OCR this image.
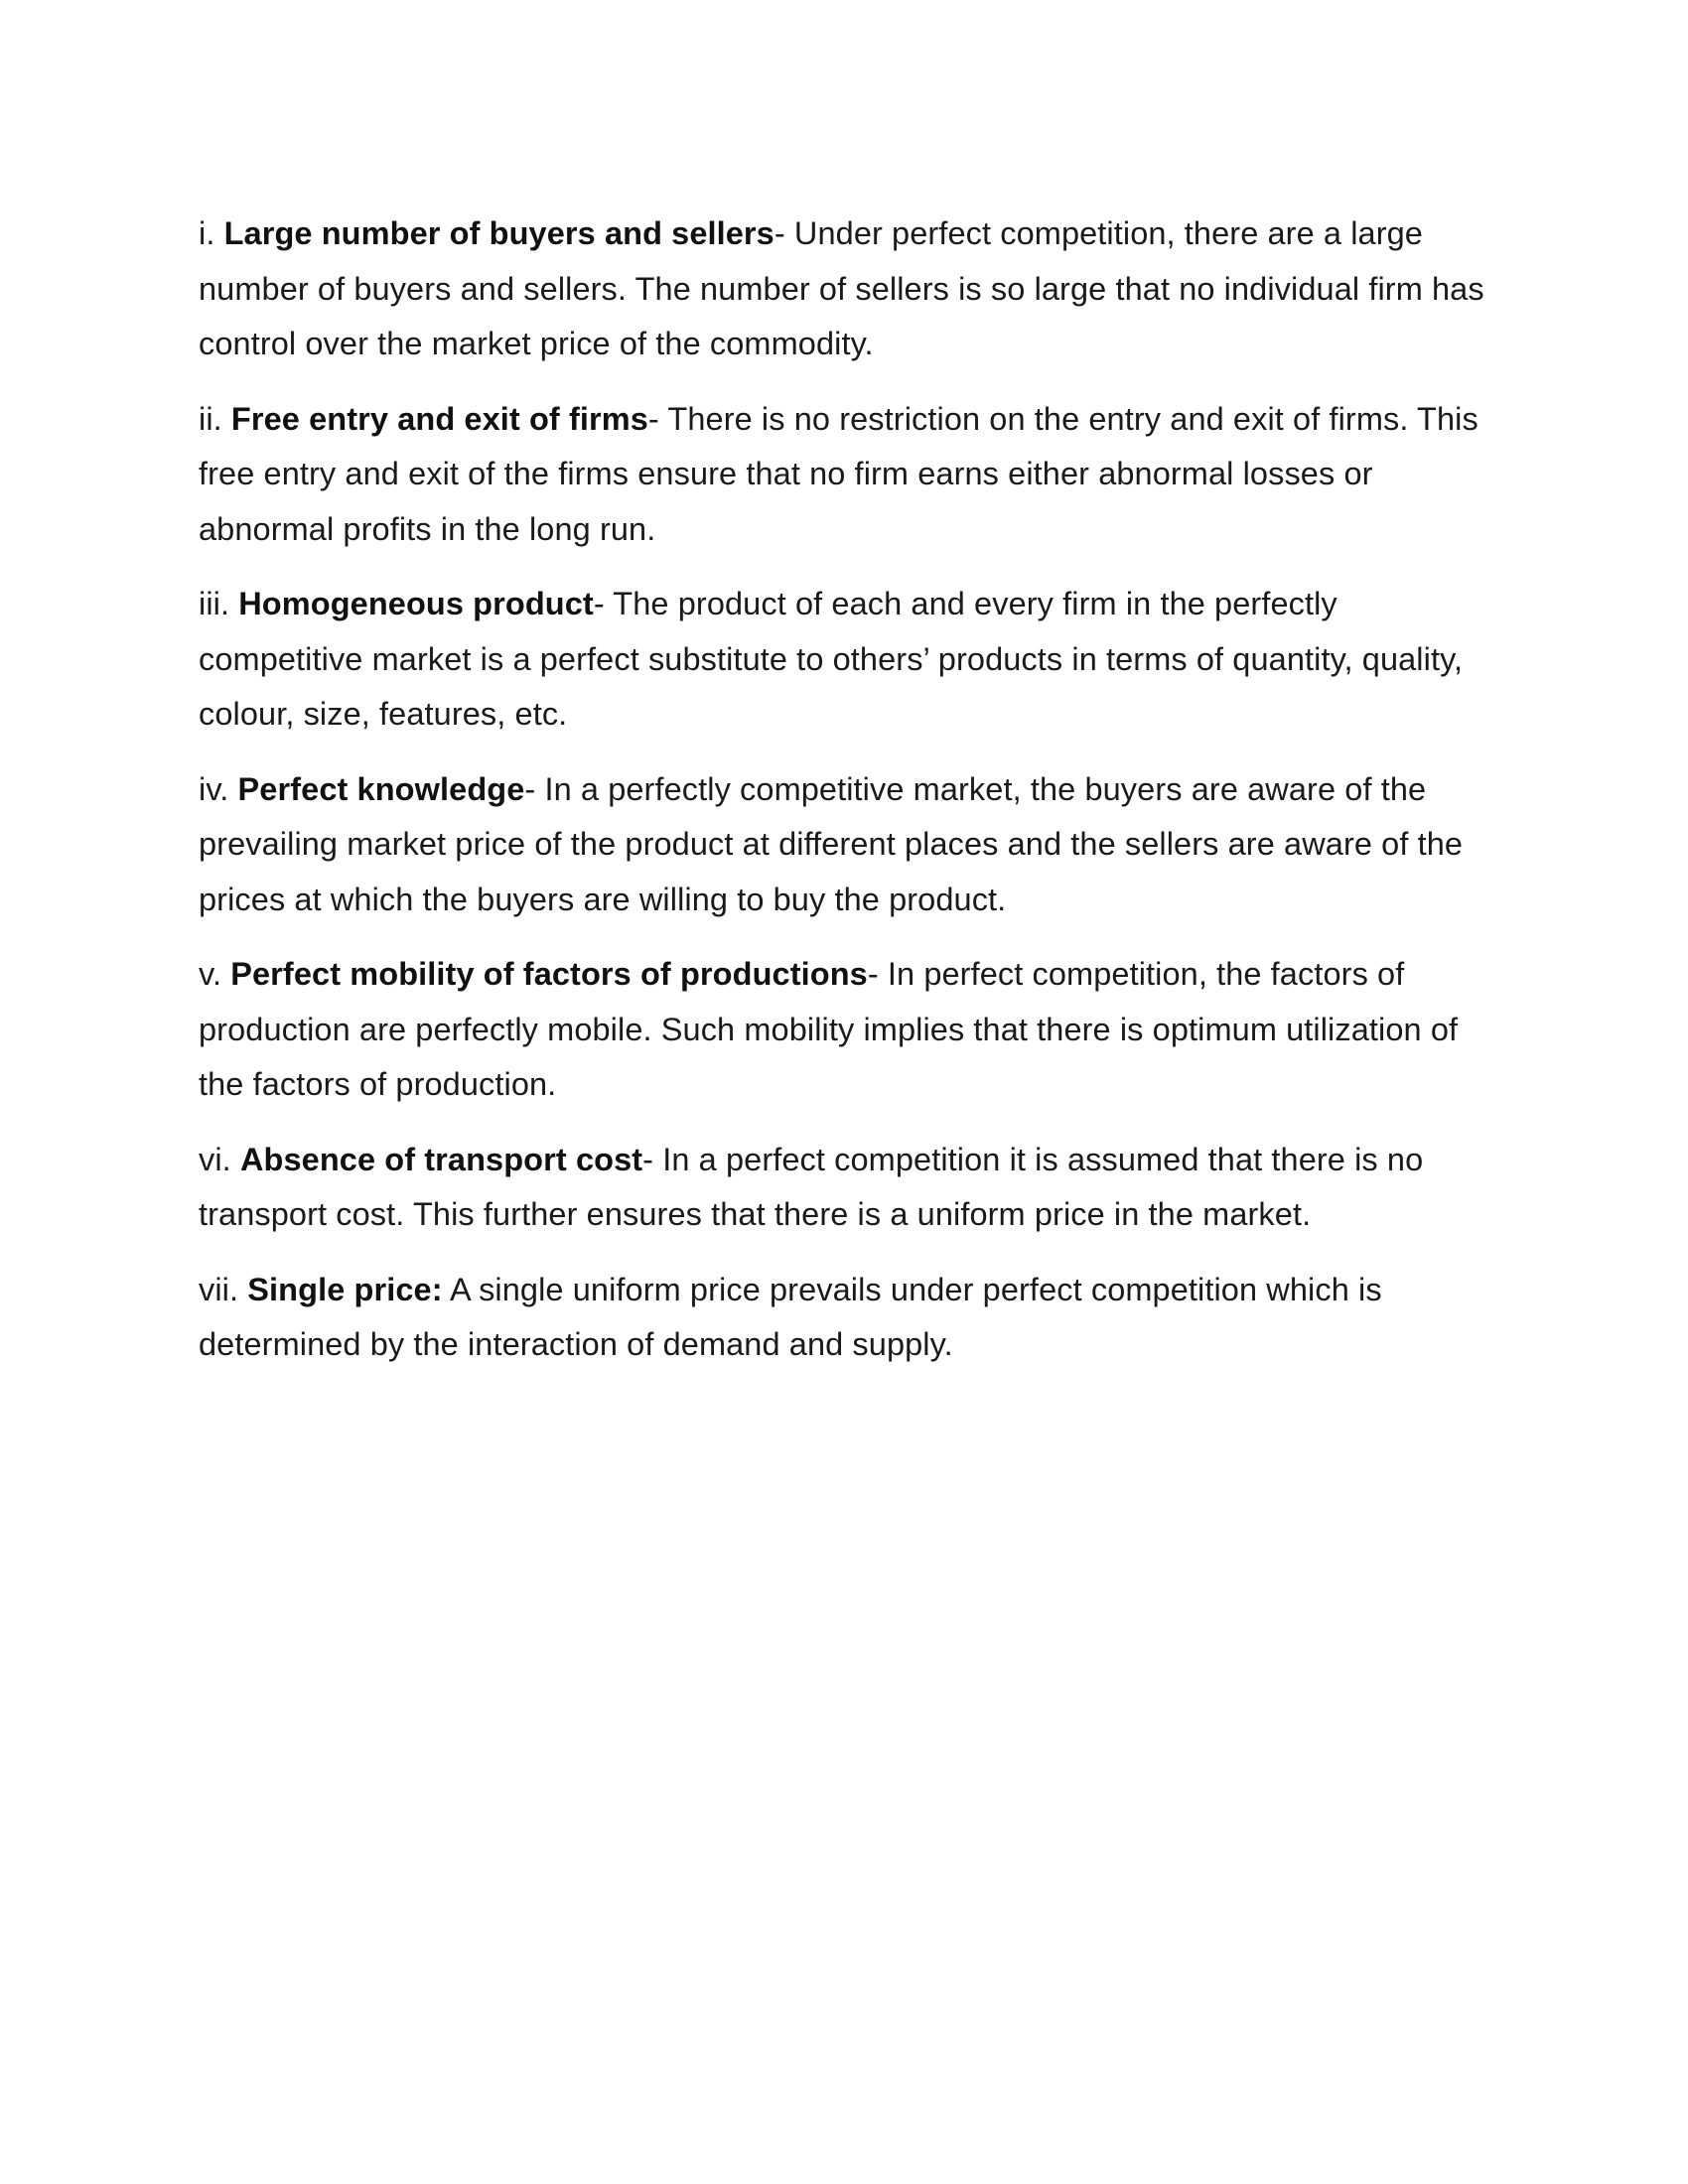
i. Large number of buyers and sellers- Under perfect competition, there are a large number of buyers and sellers. The number of sellers is so large that no individual firm has control over the market price of the commodity.

ii. Free entry and exit of firms- There is no restriction on the entry and exit of firms. This free entry and exit of the firms ensure that no firm earns either abnormal losses or abnormal profits in the long run.

iii. Homogeneous product- The product of each and every firm in the perfectly competitive market is a perfect substitute to others’ products in terms of quantity, quality, colour, size, features, etc.

iv. Perfect knowledge- In a perfectly competitive market, the buyers are aware of the prevailing market price of the product at different places and the sellers are aware of the prices at which the buyers are willing to buy the product.

v. Perfect mobility of factors of productions- In perfect competition, the factors of production are perfectly mobile. Such mobility implies that there is optimum utilization of the factors of production.

vi. Absence of transport cost- In a perfect competition it is assumed that there is no transport cost. This further ensures that there is a uniform price in the market.

vii. Single price: A single uniform price prevails under perfect competition which is determined by the interaction of demand and supply.
